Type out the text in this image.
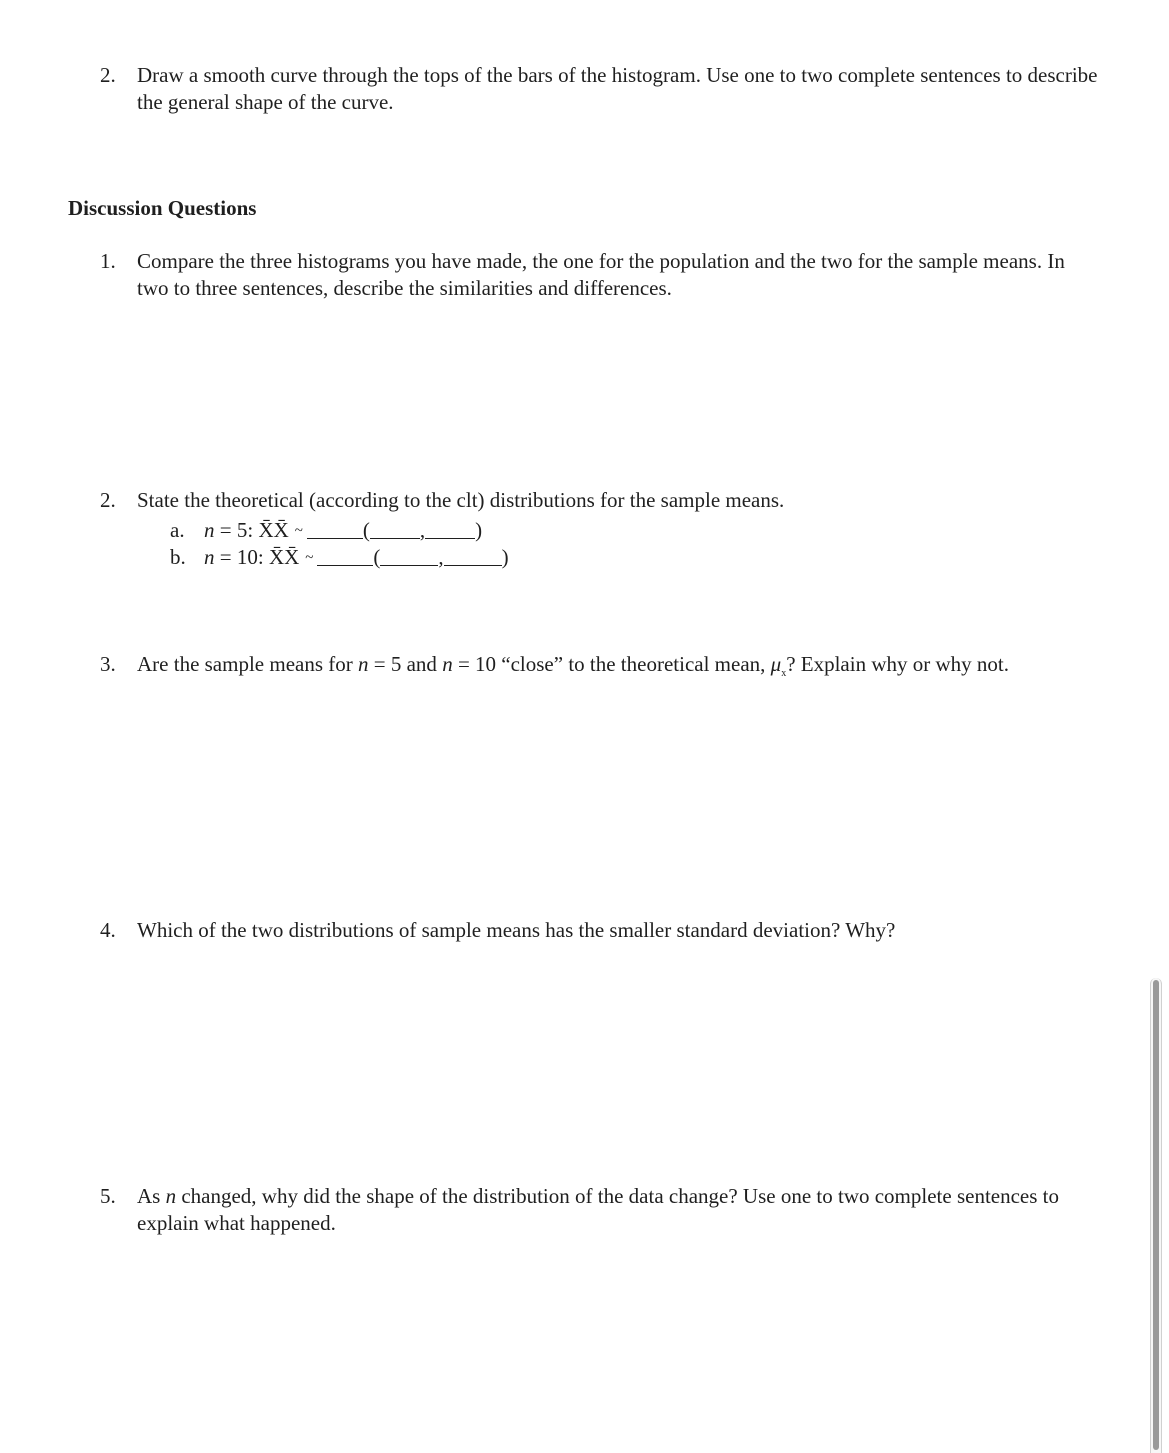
2.	Draw a smooth curve through the tops of the bars of the histogram. Use one to two complete sentences to describe the general shape of the curve.
Discussion Questions
1.	Compare the three histograms you have made, the one for the population and the two for the sample means. In two to three sentences, describe the similarities and differences.
2.	State the theoretical (according to the clt) distributions for the sample means.
a. n = 5: X̄X̄ ~	( , )
b. n = 10: X̄X̄ ~	(	,	)
3.	Are the sample means for n = 5 and n = 10 “close” to the theoretical mean, $\mu_x$? Explain why or why not.
4.	Which of the two distributions of sample means has the smaller standard deviation? Why?
5.	As n changed, why did the shape of the distribution of the data change? Use one to two complete sentences to explain what happened.
